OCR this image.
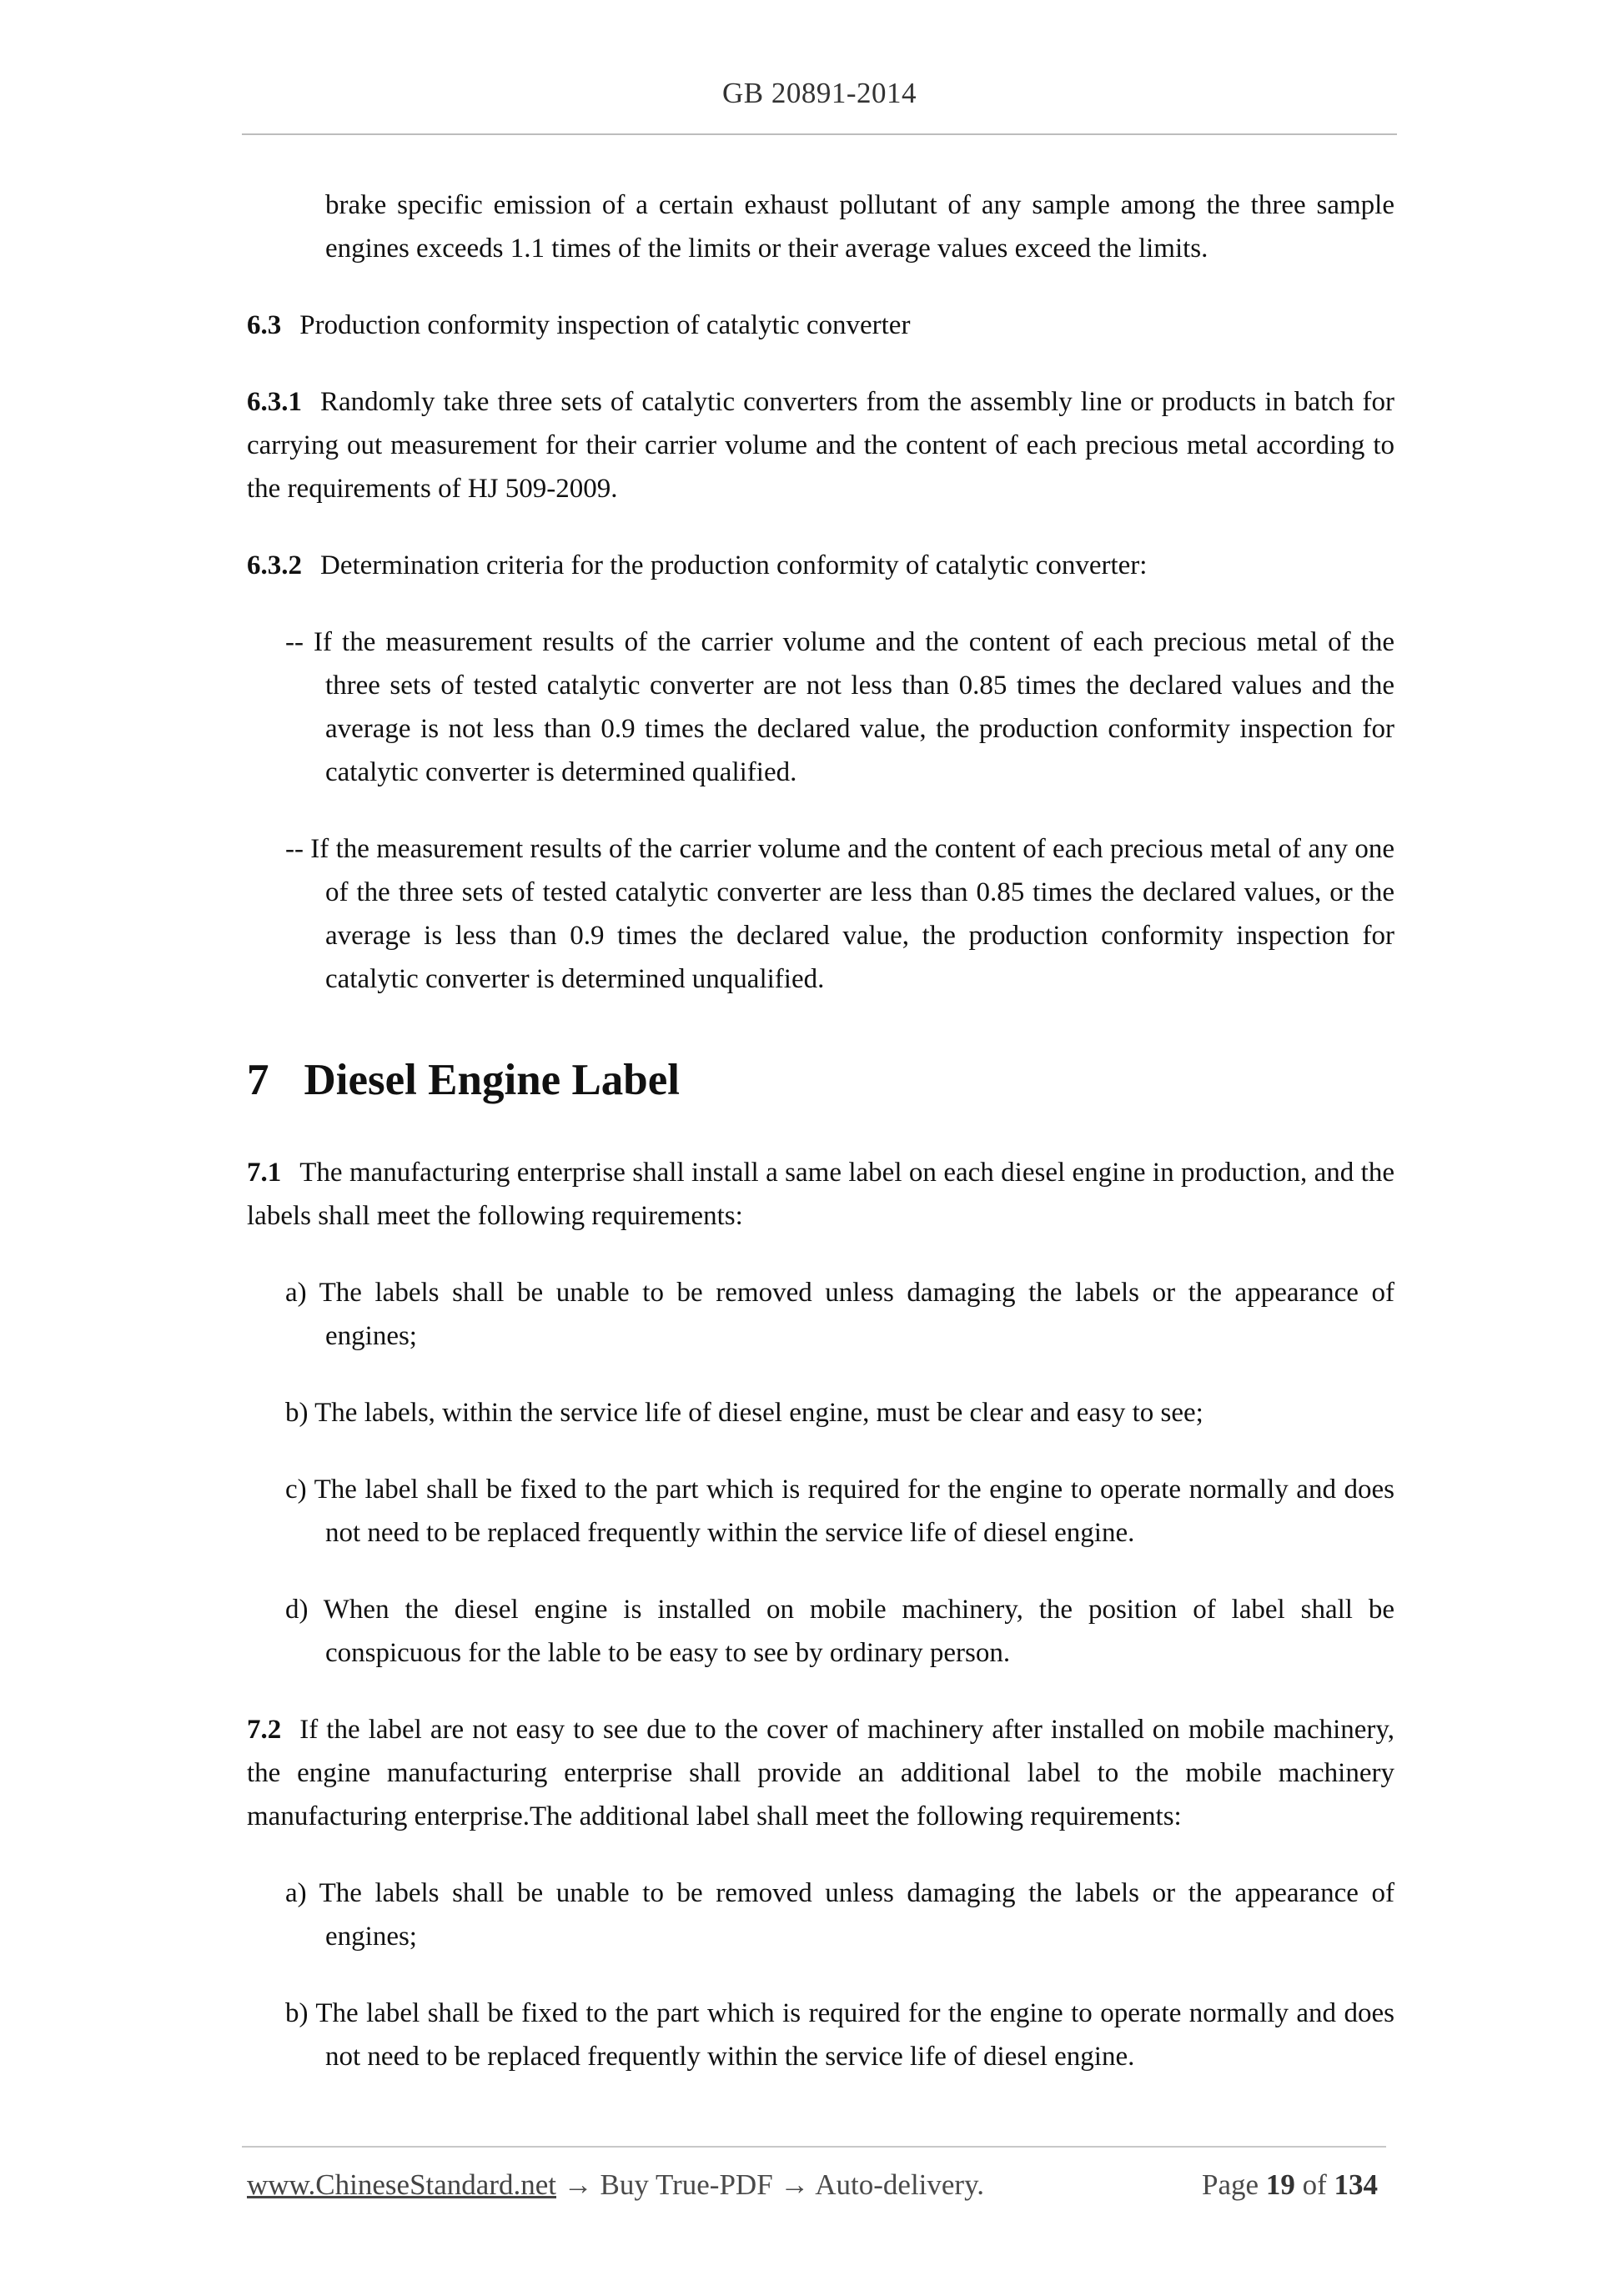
GB 20891-2014

brake specific emission of a certain exhaust pollutant of any sample among the three sample engines exceeds 1.1 times of the limits or their average values exceed the limits.

6.3 Production conformity inspection of catalytic converter

6.3.1 Randomly take three sets of catalytic converters from the assembly line or products in batch for carrying out measurement for their carrier volume and the content of each precious metal according to the requirements of HJ 509-2009.

6.3.2 Determination criteria for the production conformity of catalytic converter:

-- If the measurement results of the carrier volume and the content of each precious metal of the three sets of tested catalytic converter are not less than 0.85 times the declared values and the average is not less than 0.9 times the declared value, the production conformity inspection for catalytic converter is determined qualified.

-- If the measurement results of the carrier volume and the content of each precious metal of any one of the three sets of tested catalytic converter are less than 0.85 times the declared values, or the average is less than 0.9 times the declared value, the production conformity inspection for catalytic converter is determined unqualified.

7 Diesel Engine Label

7.1 The manufacturing enterprise shall install a same label on each diesel engine in production, and the labels shall meet the following requirements:

a) The labels shall be unable to be removed unless damaging the labels or the appearance of engines;

b) The labels, within the service life of diesel engine, must be clear and easy to see;

c) The label shall be fixed to the part which is required for the engine to operate normally and does not need to be replaced frequently within the service life of diesel engine.

d) When the diesel engine is installed on mobile machinery, the position of label shall be conspicuous for the lable to be easy to see by ordinary person.

7.2 If the label are not easy to see due to the cover of machinery after installed on mobile machinery, the engine manufacturing enterprise shall provide an additional label to the mobile machinery manufacturing enterprise.The additional label shall meet the following requirements:

a) The labels shall be unable to be removed unless damaging the labels or the appearance of engines;

b) The label shall be fixed to the part which is required for the engine to operate normally and does not need to be replaced frequently within the service life of diesel engine.

www.ChineseStandard.net → Buy True-PDF → Auto-delivery.	Page 19 of 134
